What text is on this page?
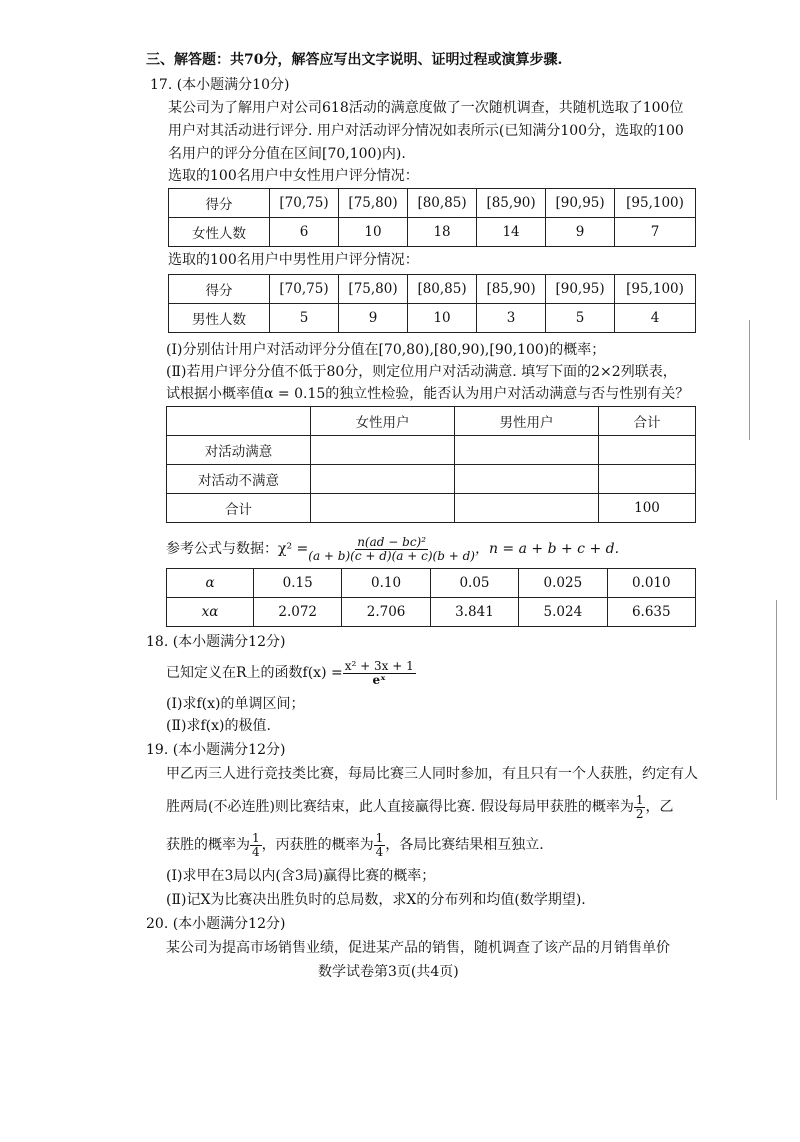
三、解答题：共70分，解答应写出文字说明、证明过程或演算步骤.
17. (本小题满分10分)
某公司为了解用户对公司618活动的满意度做了一次随机调查，共随机选取了100位
用户对其活动进行评分. 用户对活动评分情况如表所示(已知满分100分，选取的100
名用户的评分分值在区间[70,100)内).
选取的100名用户中女性用户评分情况：
得分	[70,75)	[75,80)	[80,85)	[85,90)	[90,95)	[95,100)
女性人数	6	10	18	14	9	7
选取的100名用户中男性用户评分情况：
得分	[70,75)	[75,80)	[80,85)	[85,90)	[90,95)	[95,100)
男性人数	5	9	10	3	5	4
(Ⅰ)分别估计用户对活动评分分值在[70,80),[80,90),[90,100)的概率；
(Ⅱ)若用户评分分值不低于80分，则定位用户对活动满意. 填写下面的2×2列联表，
试根据小概率值α = 0.15的独立性检验，能否认为用户对活动满意与否与性别有关？
	女性用户	男性用户	合计
对活动满意			
对活动不满意			
合计			100
参考公式与数据：$\chi^2 = \frac{\text{n(ad − bc)²}}{(a + b)(c + d)(a + c)(b + d)}$ ，n = a + b + c + d.
α	0.15	0.10	0.05	0.025	0.010
xα	2.072	2.706	3.841	5.024	6.635
18. (本小题满分12分)
已知定义在R上的函数$f(x) = \frac{\text{x² + 3x + 1}}{\text{eˣ}}$
(Ⅰ)求f(x)的单调区间；
(Ⅱ)求f(x)的极值.
19. (本小题满分12分)
甲乙丙三人进行竞技类比赛，每局比赛三人同时参加，有且只有一个人获胜，约定有人
胜两局(不必连胜)则比赛结束，此人直接赢得比赛. 假设每局甲获胜的概率为 $\frac{1}{2}$ ，乙
获胜的概率为 $\frac{1}{4}$ ，丙获胜的概率为 $\frac{1}{4}$ ，各局比赛结果相互独立.
(Ⅰ)求甲在3局以内(含3局)赢得比赛的概率；
(Ⅱ)记X为比赛决出胜负时的总局数，求X的分布列和均值(数学期望).
20. (本小题满分12分)
某公司为提高市场销售业绩，促进某产品的销售，随机调查了该产品的月销售单价
数学试卷第3页(共4页)
